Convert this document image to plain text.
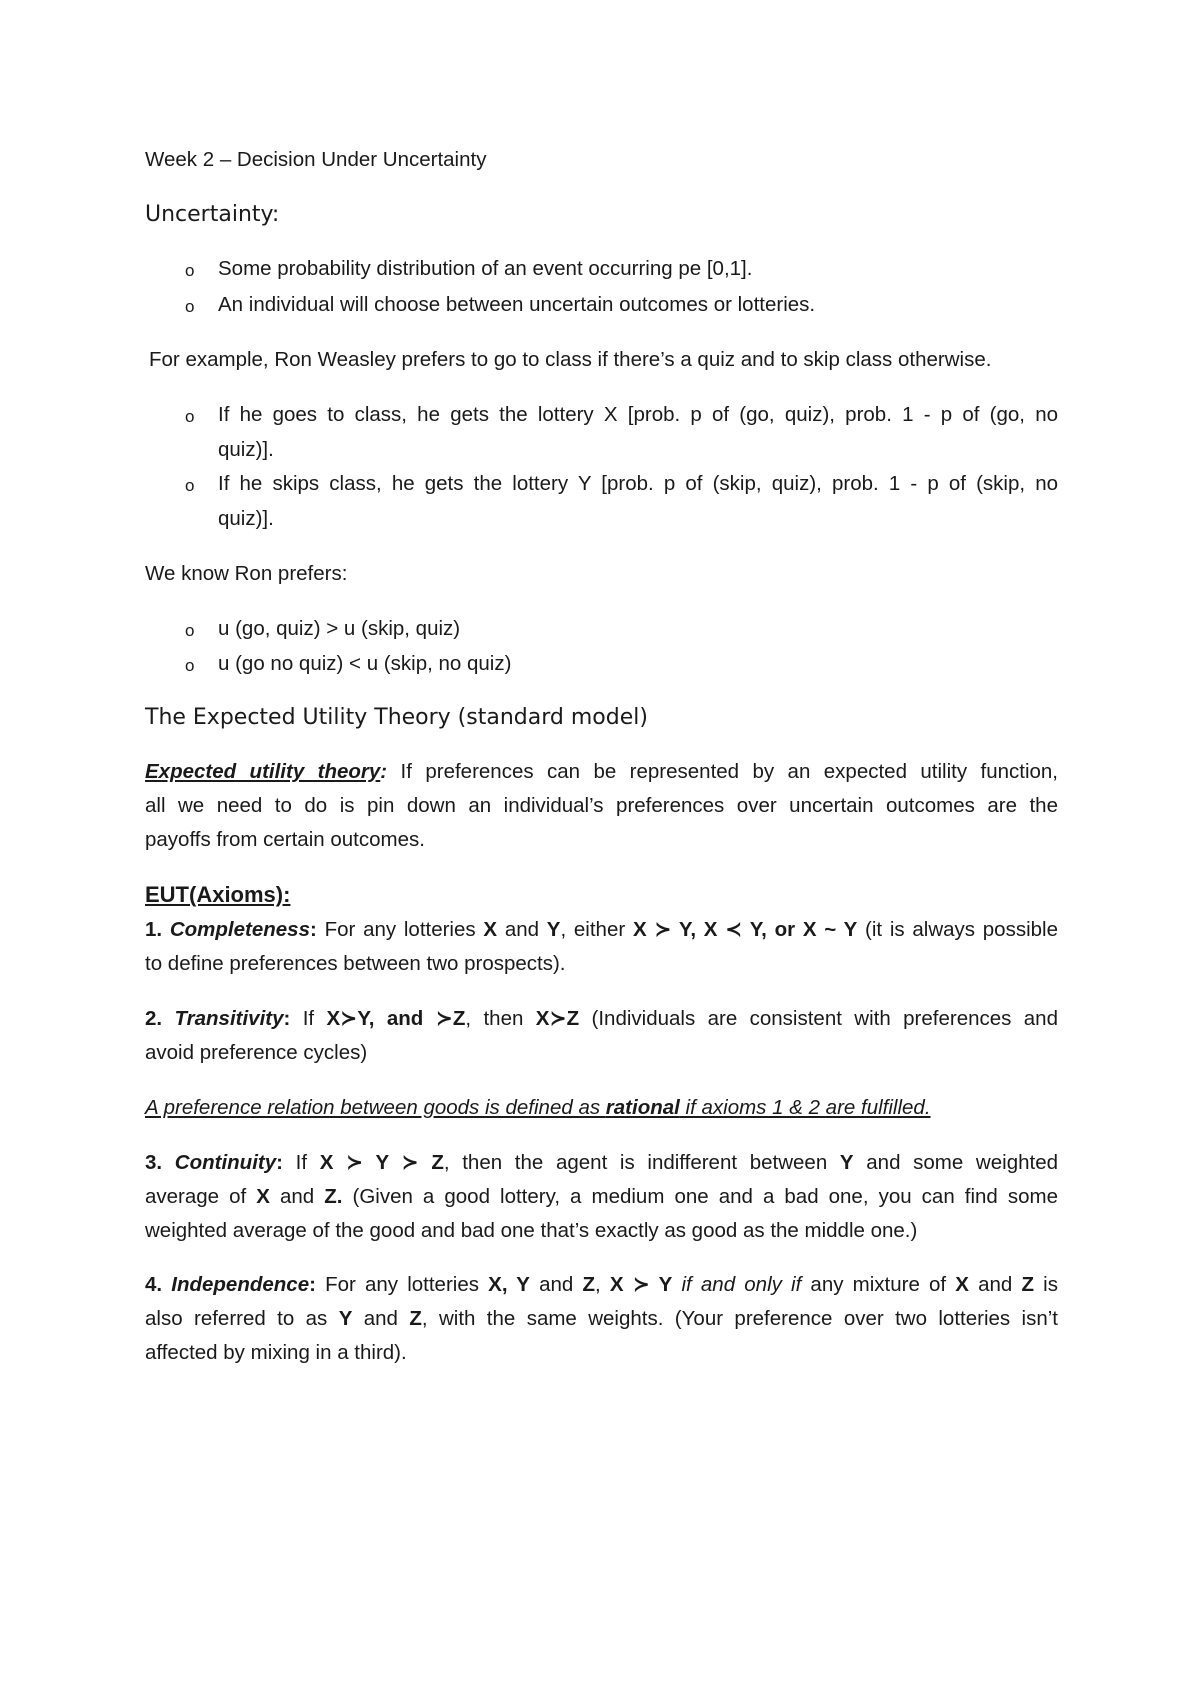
Week 2 – Decision Under Uncertainty

Uncertainty:

o Some probability distribution of an event occurring pe [0,1].

o An individual will choose between uncertain outcomes or lotteries.

For example, Ron Weasley prefers to go to class if there’s a quiz and to skip class otherwise.

o If he goes to class, he gets the lottery X [prob. p of (go, quiz), prob. 1 - p of (go, no

quiz)].

o If he skips class, he gets the lottery Y [prob. p of (skip, quiz), prob. 1 - p of (skip, no

quiz)].

We know Ron prefers:

o u (go, quiz) > u (skip, quiz)

o u (go no quiz) < u (skip, no quiz)

The Expected Utility Theory (standard model)

Expected utility theory: If preferences can be represented by an expected utility function,

all we need to do is pin down an individual’s preferences over uncertain outcomes are the

payoffs from certain outcomes.

EUT(Axioms):

1. Completeness: For any lotteries X and Y, either X ≻ Y, X ≺ Y, or X ~ Y (it is always possible

to define preferences between two prospects).

2. Transitivity: If X≻Y, and ≻Z, then X≻Z (Individuals are consistent with preferences and

avoid preference cycles)

A preference relation between goods is defined as rational if axioms 1 & 2 are fulfilled.

3. Continuity: If X ≻ Y ≻ Z, then the agent is indifferent between Y and some weighted

average of X and Z. (Given a good lottery, a medium one and a bad one, you can find some

weighted average of the good and bad one that’s exactly as good as the middle one.)

4. Independence: For any lotteries X, Y and Z, X ≻ Y if and only if any mixture of X and Z is

also referred to as Y and Z, with the same weights. (Your preference over two lotteries isn’t

affected by mixing in a third).
